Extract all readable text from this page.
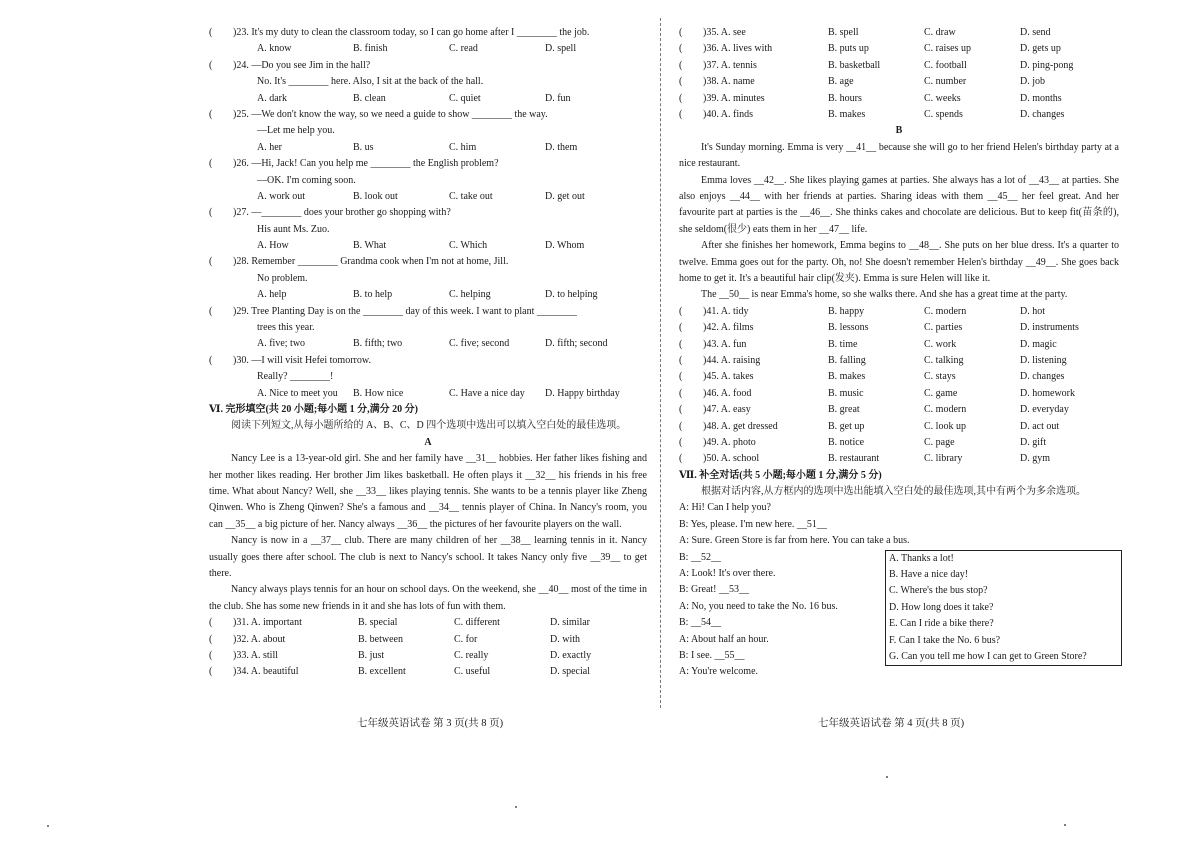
(	)23. It's my duty to clean the classroom today, so I can go home after I ________ the job.
A. know	B. finish	C. read	D. spell
(	)24. —Do you see Jim in the hall?
No. It's ________ here. Also, I sit at the back of the hall.
A. dark	B. clean	C. quiet	D. fun
(	)25. —We don't know the way, so we need a guide to show ________ the way.
—Let me help you.
A. her	B. us	C. him	D. them
(	)26. —Hi, Jack! Can you help me ________ the English problem?
—OK. I'm coming soon.
A. work out	B. look out	C. take out	D. get out
(	)27. —________ does your brother go shopping with?
His aunt Ms. Zuo.
A. How	B. What	C. Which	D. Whom
(	)28. Remember ________ Grandma cook when I'm not at home, Jill.
No problem.
A. help	B. to help	C. helping	D. to helping
(	)29. Tree Planting Day is on the ________ day of this week. I want to plant ________
trees this year.
A. five; two	B. fifth; two	C. five; second	D. fifth; second
(	)30. —I will visit Hefei tomorrow.
Really? ________!
A. Nice to meet you	B. How nice	C. Have a nice day	D. Happy birthday
Ⅵ. 完形填空(共 20 小题;每小题 1 分,满分 20 分)
阅读下列短文,从每小题所给的 A、B、C、D 四个选项中选出可以填入空白处的最佳选项。
A
Nancy Lee is a 13-year-old girl. She and her family have __31__ hobbies. Her father likes fishing and her mother likes reading. Her brother Jim likes basketball. He often plays it __32__ his friends in his free time. What about Nancy? Well, she __33__ likes playing tennis. She wants to be a tennis player like Zheng Qinwen. Who is Zheng Qinwen? She's a famous and __34__ tennis player of China. In Nancy's room, you can __35__ a big picture of her. Nancy always __36__ the pictures of her favourite players on the wall.
Nancy is now in a __37__ club. There are many children of her __38__ learning tennis in it. Nancy usually goes there after school. The club is next to Nancy's school. It takes Nancy only five __39__ to get there.
Nancy always plays tennis for an hour on school days. On the weekend, she __40__ most of the time in the club. She has some new friends in it and she has lots of fun with them.
(	)31. A. important	B. special	C. different	D. similar
(	)32. A. about	B. between	C. for	D. with
(	)33. A. still	B. just	C. really	D. exactly
(	)34. A. beautiful	B. excellent	C. useful	D. special
(	)35. A. see	B. spell	C. draw	D. send
(	)36. A. lives with	B. puts up	C. raises up	D. gets up
(	)37. A. tennis	B. basketball	C. football	D. ping-pong
(	)38. A. name	B. age	C. number	D. job
(	)39. A. minutes	B. hours	C. weeks	D. months
(	)40. A. finds	B. makes	C. spends	D. changes
B
It's Sunday morning. Emma is very __41__ because she will go to her friend Helen's birthday party at a nice restaurant.
Emma loves __42__. She likes playing games at parties. She always has a lot of __43__ at parties. She also enjoys __44__ with her friends at parties. Sharing ideas with them __45__ her feel great. And her favourite part at parties is the __46__. She thinks cakes and chocolate are delicious. But to keep fit(苗条的), she seldom(很少) eats them in her __47__ life.
After she finishes her homework, Emma begins to __48__. She puts on her blue dress. It's a quarter to twelve. Emma goes out for the party. Oh, no! She doesn't remember Helen's birthday __49__. She goes back home to get it. It's a beautiful hair clip(发夹). Emma is sure Helen will like it.
The __50__ is near Emma's home, so she walks there. And she has a great time at the party.
(	)41. A. tidy	B. happy	C. modern	D. hot
(	)42. A. films	B. lessons	C. parties	D. instruments
(	)43. A. fun	B. time	C. work	D. magic
(	)44. A. raising	B. falling	C. talking	D. listening
(	)45. A. takes	B. makes	C. stays	D. changes
(	)46. A. food	B. music	C. game	D. homework
(	)47. A. easy	B. great	C. modern	D. everyday
(	)48. A. get dressed	B. get up	C. look up	D. act out
(	)49. A. photo	B. notice	C. page	D. gift
(	)50. A. school	B. restaurant	C. library	D. gym
Ⅶ. 补全对话(共 5 小题;每小题 1 分,满分 5 分)
根据对话内容,从方框内的选项中选出能填入空白处的最佳选项,其中有两个为多余选项。
A: Hi! Can I help you?
B: Yes, please. I'm new here. __51__
A: Sure. Green Store is far from here. You can take a bus.
B: __52__
A: Look! It's over there.
B: Great! __53__
A: No, you need to take the No. 16 bus.
B: __54__
A: About half an hour.
B: I see. __55__
A: You're welcome.
A. Thanks a lot!
B. Have a nice day!
C. Where's the bus stop?
D. How long does it take?
E. Can I ride a bike there?
F. Can I take the No. 6 bus?
G. Can you tell me how I can get to Green Store?
七年级英语试卷 第 3 页(共 8 页)	七年级英语试卷 第 4 页(共 8 页)
